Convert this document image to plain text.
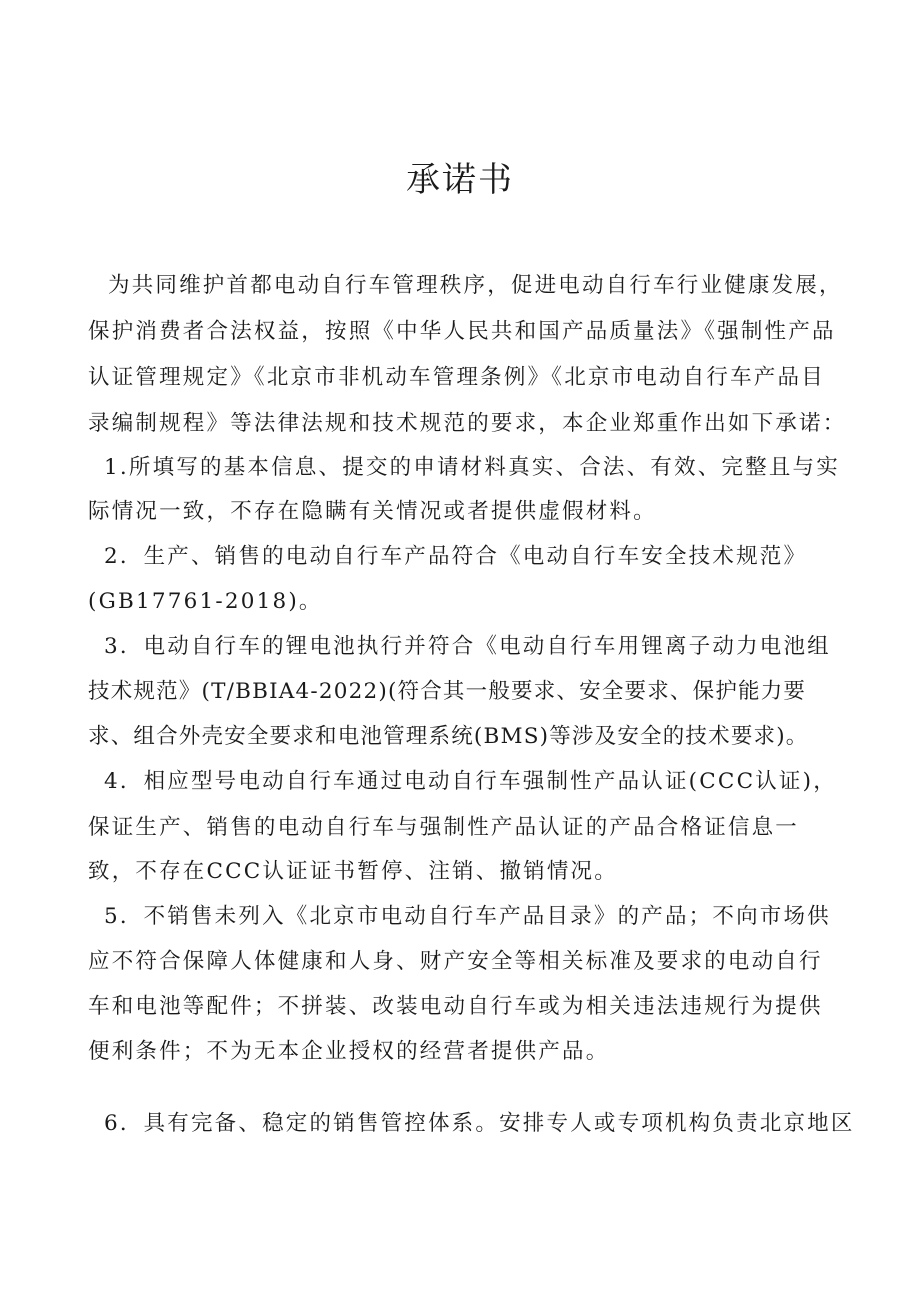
承诺书

为共同维护首都电动自行车管理秩序，促进电动自行车行业健康发展，

保护消费者合法权益，按照《中华人民共和国产品质量法》《强制性产品

认证管理规定》《北京市非机动车管理条例》《北京市电动自行车产品目

录编制规程》等法律法规和技术规范的要求，本企业郑重作出如下承诺：

1.所填写的基本信息、提交的申请材料真实、合法、有效、完整且与实

际情况一致，不存在隐瞒有关情况或者提供虚假材料。

2．生产、销售的电动自行车产品符合《电动自行车安全技术规范》

(GB17761-2018)。

3．电动自行车的锂电池执行并符合《电动自行车用锂离子动力电池组

技术规范》(T/BBIA4-2022)(符合其一般要求、安全要求、保护能力要

求、组合外壳安全要求和电池管理系统(BMS)等涉及安全的技术要求)。

4．相应型号电动自行车通过电动自行车强制性产品认证(CCC认证)，

保证生产、销售的电动自行车与强制性产品认证的产品合格证信息一

致，不存在CCC认证证书暂停、注销、撤销情况。

5．不销售未列入《北京市电动自行车产品目录》的产品；不向市场供

应不符合保障人体健康和人身、财产安全等相关标准及要求的电动自行

车和电池等配件；不拼装、改装电动自行车或为相关违法违规行为提供

便利条件；不为无本企业授权的经营者提供产品。

6．具有完备、稳定的销售管控体系。安排专人或专项机构负责北京地区
